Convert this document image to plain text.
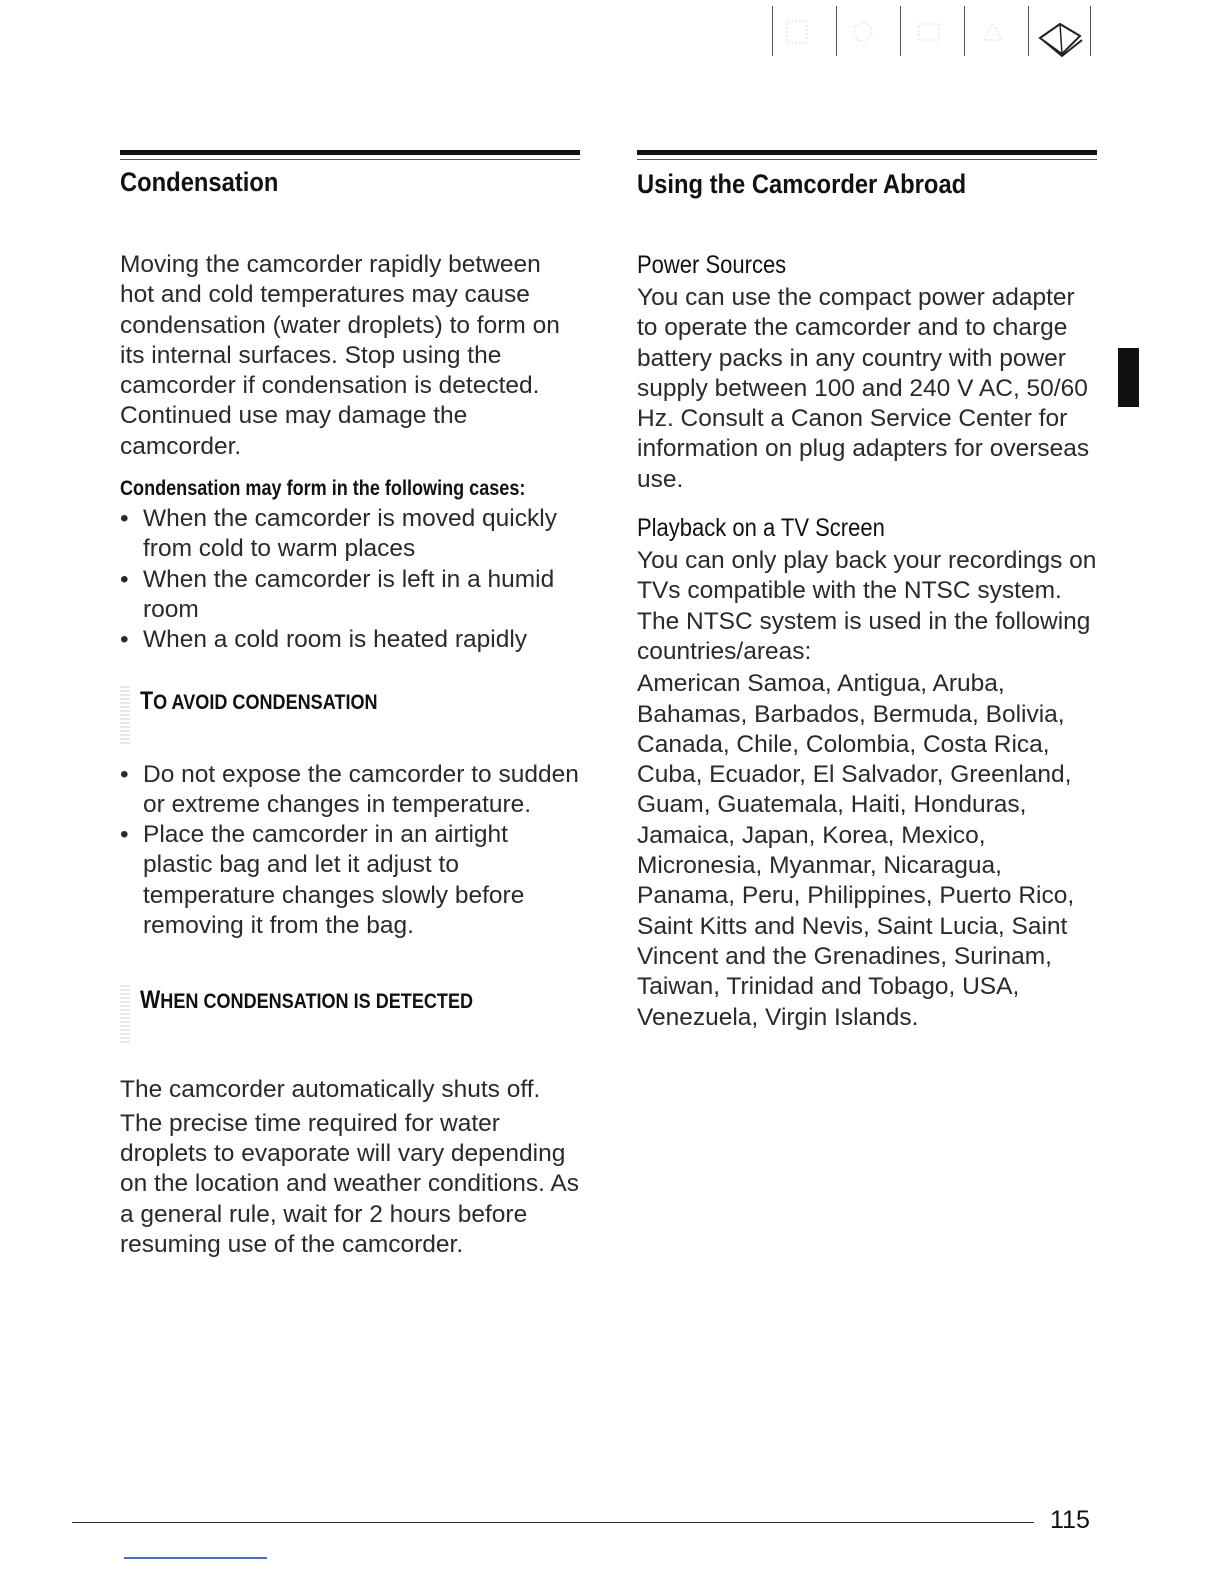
Condensation

Moving the camcorder rapidly between hot and cold temperatures may cause condensation (water droplets) to form on its internal surfaces. Stop using the camcorder if condensation is detected. Continued use may damage the camcorder.

Condensation may form in the following cases:
• When the camcorder is moved quickly from cold to warm places
• When the camcorder is left in a humid room
• When a cold room is heated rapidly
TO AVOID CONDENSATION
• Do not expose the camcorder to sudden or extreme changes in temperature.
• Place the camcorder in an airtight plastic bag and let it adjust to temperature changes slowly before removing it from the bag.
WHEN CONDENSATION IS DETECTED

The camcorder automatically shuts off.

The precise time required for water droplets to evaporate will vary depending on the location and weather conditions. As a general rule, wait for 2 hours before resuming use of the camcorder.

Using the Camcorder Abroad
Power Sources

You can use the compact power adapter to operate the camcorder and to charge battery packs in any country with power supply between 100 and 240 V AC, 50/60 Hz. Consult a Canon Service Center for information on plug adapters for overseas use.

Playback on a TV Screen

You can only play back your recordings on TVs compatible with the NTSC system. The NTSC system is used in the following countries/areas:

American Samoa, Antigua, Aruba, Bahamas, Barbados, Bermuda, Bolivia, Canada, Chile, Colombia, Costa Rica, Cuba, Ecuador, El Salvador, Greenland, Guam, Guatemala, Haiti, Honduras, Jamaica, Japan, Korea, Mexico, Micronesia, Myanmar, Nicaragua, Panama, Peru, Philippines, Puerto Rico, Saint Kitts and Nevis, Saint Lucia, Saint Vincent and the Grenadines, Surinam, Taiwan, Trinidad and Tobago, USA, Venezuela, Virgin Islands.

115
